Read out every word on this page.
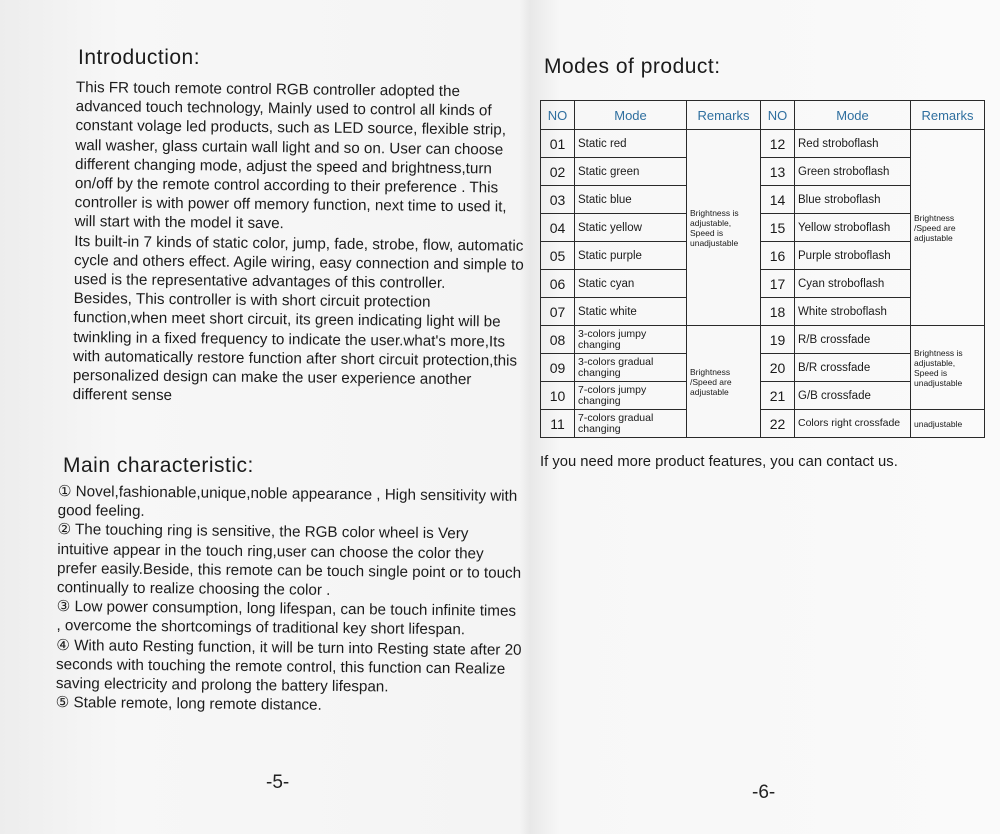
Introduction:

This FR touch remote control RGB controller adopted the advanced touch technology, Mainly used to control all kinds of constant volage led products, such as LED source, flexible strip, wall washer, glass curtain wall light and so on. User can choose different changing mode, adjust the speed and brightness,turn on/off by the remote control according to their preference . This controller is with power off memory function, next time to used it, will start with the model it save.

Its built-in 7 kinds of static color, jump, fade, strobe, flow, automatic cycle and others effect. Agile wiring, easy connection and simple to used is the representative advantages of this controller.

Besides, This controller is with short circuit protection function,when meet short circuit, its green indicating light will be twinkling in a fixed frequency to indicate the user.what's more,Its with automatically restore function after short circuit protection,this personalized design can make the user experience another different sense

Main characteristic:

① Novel,fashionable,unique,noble appearance , High sensitivity with good feeling.

② The touching ring is sensitive, the RGB color wheel is Very intuitive appear in the touch ring,user can choose the color they prefer easily.Beside, this remote can be touch single point or to touch continually to realize choosing the color .

③ Low power consumption, long lifespan, can be touch infinite times , overcome the shortcomings of traditional key short lifespan.

④ With auto Resting function, it will be turn into Resting state after 20 seconds with touching the remote control, this function can Realize saving electricity and prolong the battery lifespan.

⑤ Stable remote, long remote distance.

-5-
Modes of product:
NO	Mode	Remarks	NO	Mode	Remarks
01	Static red	Brightness is adjustable, Speed is unadjustable	12	Red stroboflash	Brightness /Speed are adjustable
02	Static green		13	Green stroboflash	
03	Static blue		14	Blue stroboflash	
04	Static yellow		15	Yellow stroboflash	
05	Static purple		16	Purple stroboflash	
06	Static cyan		17	Cyan stroboflash	
07	Static white		18	White stroboflash	
08	3-colors jumpy changing	Brightness /Speed are adjustable	19	R/B crossfade	Brightness is adjustable, Speed is unadjustable
09	3-colors gradual changing		20	B/R crossfade	
10	7-colors jumpy changing		21	G/B crossfade	
11	7-colors gradual changing		22	Colors right crossfade	unadjustable
If you need more product features, you can contact us.
-6-
